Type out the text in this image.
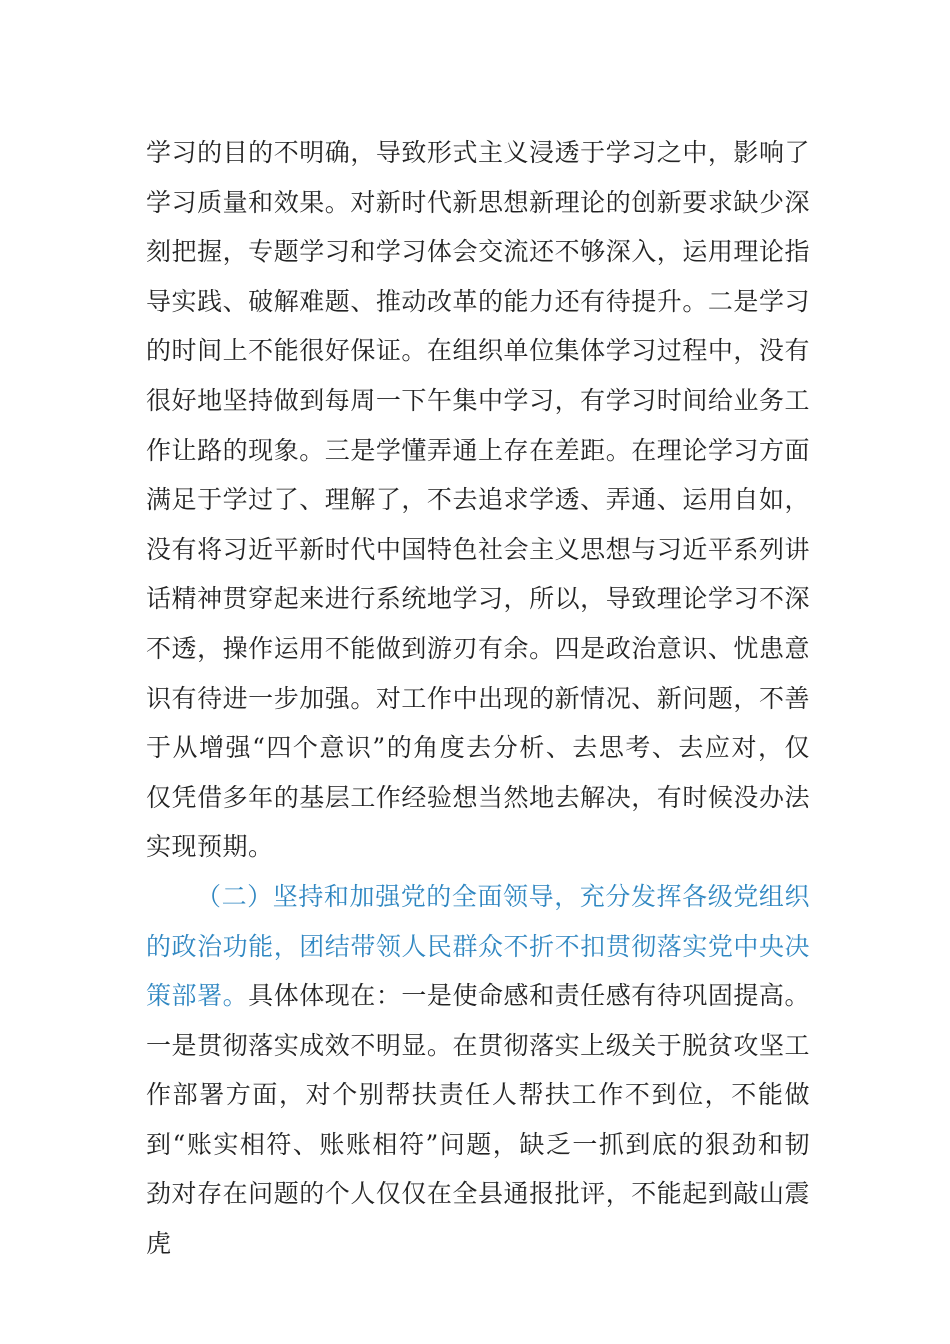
学习的目的不明确，导致形式主义浸透于学习之中，影响了学习质量和效果。对新时代新思想新理论的创新要求缺少深刻把握，专题学习和学习体会交流还不够深入，运用理论指导实践、破解难题、推动改革的能力还有待提升。二是学习的时间上不能很好保证。在组织单位集体学习过程中，没有很好地坚持做到每周一下午集中学习，有学习时间给业务工作让路的现象。三是学懂弄通上存在差距。在理论学习方面满足于学过了、理解了，不去追求学透、弄通、运用自如，没有将习近平新时代中国特色社会主义思想与习近平系列讲话精神贯穿起来进行系统地学习，所以，导致理论学习不深不透，操作运用不能做到游刃有余。四是政治意识、忧患意识有待进一步加强。对工作中出现的新情况、新问题，不善于从增强“四个意识”的角度去分析、去思考、去应对，仅仅凭借多年的基层工作经验想当然地去解决，有时候没办法实现预期。

（二）坚持和加强党的全面领导，充分发挥各级党组织的政治功能，团结带领人民群众不折不扣贯彻落实党中央决策部署。具体体现在：一是使命感和责任感有待巩固提高。一是贯彻落实成效不明显。在贯彻落实上级关于脱贫攻坚工作部署方面，对个别帮扶责任人帮扶工作不到位，不能做到“账实相符、账账相符”问题，缺乏一抓到底的狠劲和韧劲对存在问题的个人仅仅在全县通报批评，不能起到敲山震虎
